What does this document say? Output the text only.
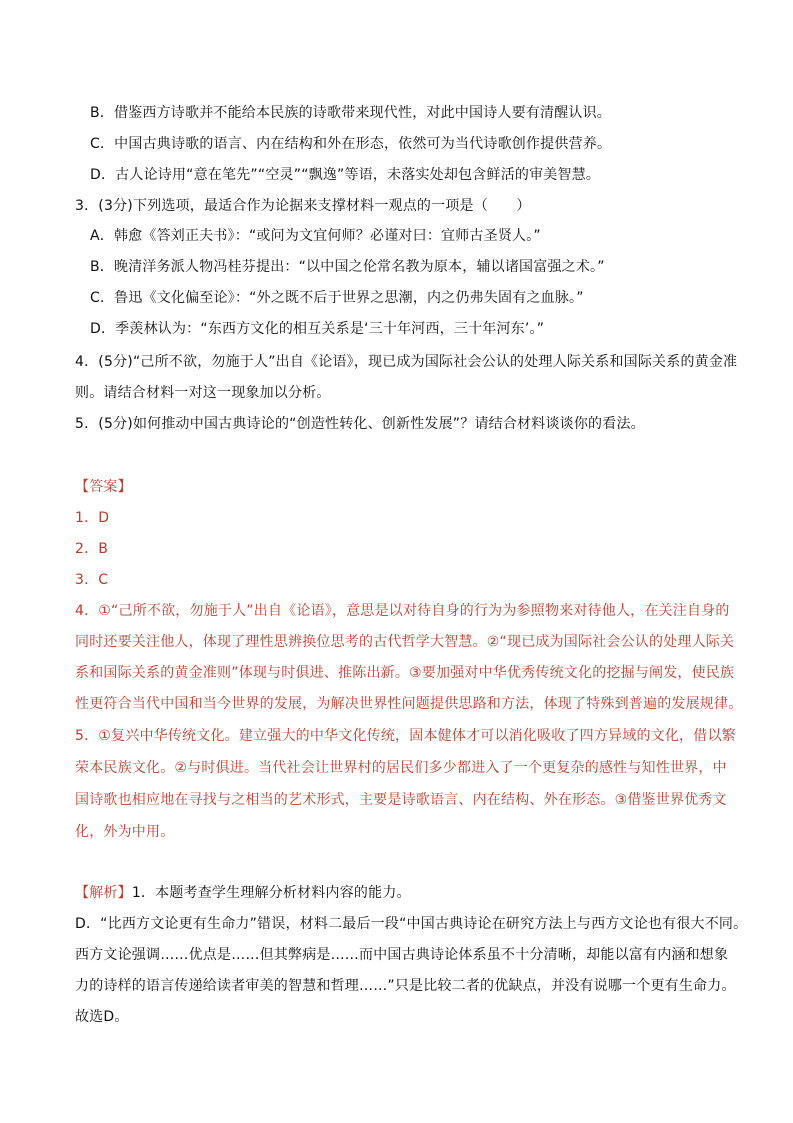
B．借鉴西方诗歌并不能给本民族的诗歌带来现代性，对此中国诗人要有清醒认识。
C．中国古典诗歌的语言、内在结构和外在形态，依然可为当代诗歌创作提供营养。
D．古人论诗用“意在笔先”“空灵”“飘逸”等语，未落实处却包含鲜活的审美智慧。
3．(3分)下列选项，最适合作为论据来支撑材料一观点的一项是（　　）
A．韩愈《答刘正夫书》：“或问为文宜何师？必谨对曰：宜师古圣贤人。”
B．晚清洋务派人物冯桂芬提出：“以中国之伦常名教为原本，辅以诸国富强之术。”
C．鲁迅《文化偏至论》：“外之既不后于世界之思潮，内之仍弗失固有之血脉。”
D．季羡林认为：“东西方文化的相互关系是‘三十年河西，三十年河东’。”
4．(5分)“己所不欲，勿施于人”出自《论语》，现已成为国际社会公认的处理人际关系和国际关系的黄金准
则。请结合材料一对这一现象加以分析。
5．(5分)如何推动中国古典诗论的“创造性转化、创新性发展”？请结合材料谈谈你的看法。
【答案】
1．D
2．B
3．C
4．①“己所不欲，勿施于人”出自《论语》，意思是以对待自身的行为为参照物来对待他人，在关注自身的
同时还要关注他人，体现了理性思辨换位思考的古代哲学大智慧。②“现已成为国际社会公认的处理人际关
系和国际关系的黄金准则”体现与时俱进、推陈出新。③要加强对中华优秀传统文化的挖掘与阐发，使民族
性更符合当代中国和当今世界的发展，为解决世界性问题提供思路和方法，体现了特殊到普遍的发展规律。
5．①复兴中华传统文化。建立强大的中华文化传统，固本健体才可以消化吸收了四方异域的文化，借以繁
荣本民族文化。②与时俱进。当代社会让世界村的居民们多少都进入了一个更复杂的感性与知性世界，中
国诗歌也相应地在寻找与之相当的艺术形式，主要是诗歌语言、内在结构、外在形态。③借鉴世界优秀文
化，外为中用。
【解析】1．本题考查学生理解分析材料内容的能力。
D．“比西方文论更有生命力”错误，材料二最后一段“中国古典诗论在研究方法上与西方文论也有很大不同。
西方文论强调……优点是……但其弊病是……而中国古典诗论体系虽不十分清晰，却能以富有内涵和想象
力的诗样的语言传递给读者审美的智慧和哲理……”只是比较二者的优缺点，并没有说哪一个更有生命力。
故选D。
